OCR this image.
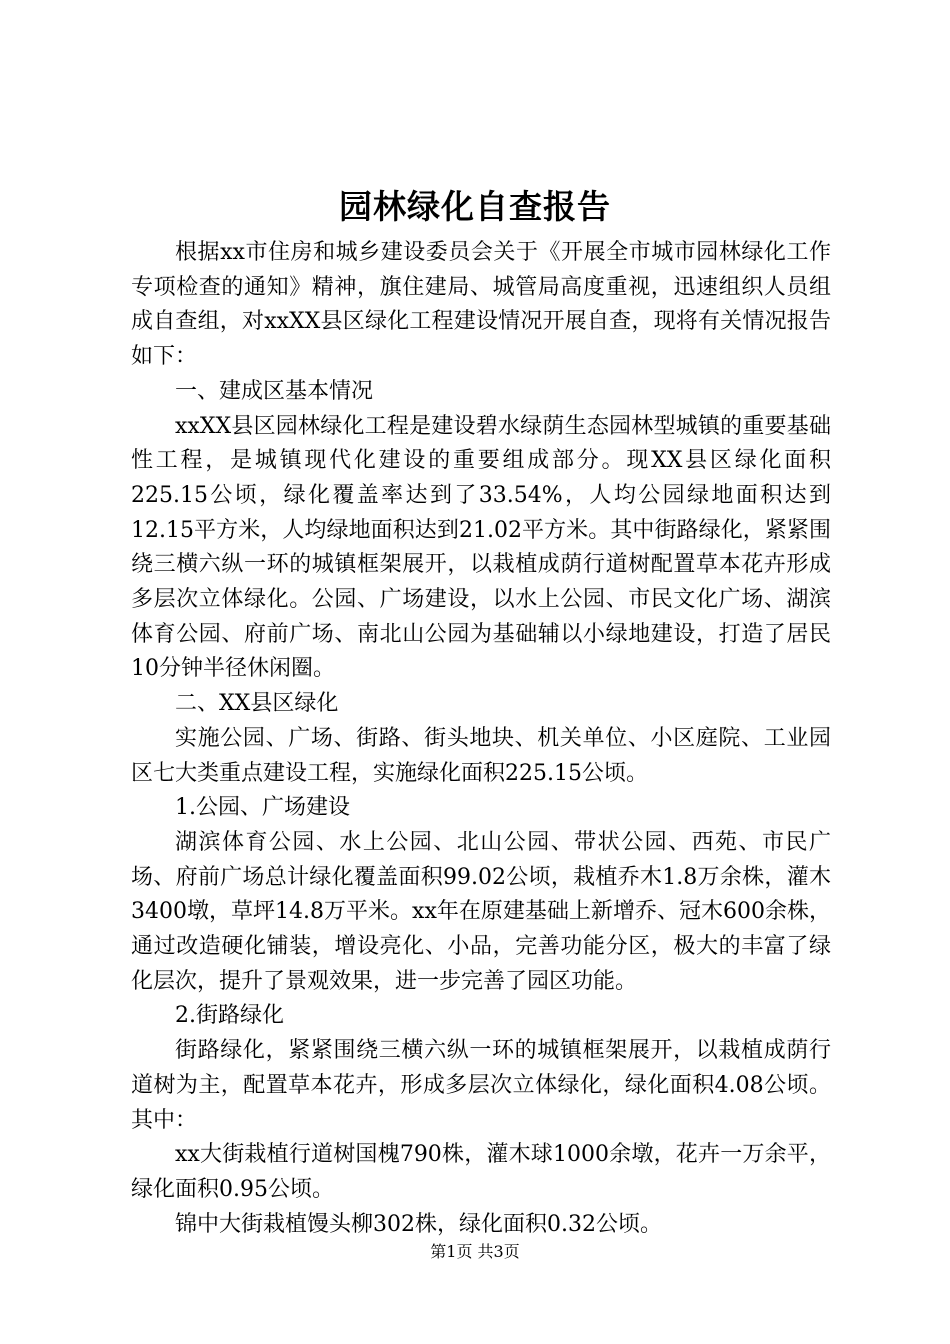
园林绿化自查报告

根据xx市住房和城乡建设委员会关于《开展全市城市园林绿化工作专项检查的通知》精神，旗住建局、城管局高度重视，迅速组织人员组成自查组，对xxXX县区绿化工程建设情况开展自查，现将有关情况报告如下：

一、建成区基本情况

xxXX县区园林绿化工程是建设碧水绿荫生态园林型城镇的重要基础性工程，是城镇现代化建设的重要组成部分。现XX县区绿化面积225.15公顷，绿化覆盖率达到了33.54%，人均公园绿地面积达到12.15平方米，人均绿地面积达到21.02平方米。其中街路绿化，紧紧围绕三横六纵一环的城镇框架展开，以栽植成荫行道树配置草本花卉形成多层次立体绿化。公园、广场建设，以水上公园、市民文化广场、湖滨体育公园、府前广场、南北山公园为基础辅以小绿地建设，打造了居民10分钟半径休闲圈。

二、XX县区绿化

实施公园、广场、街路、街头地块、机关单位、小区庭院、工业园区七大类重点建设工程，实施绿化面积225.15公顷。

1.公园、广场建设

湖滨体育公园、水上公园、北山公园、带状公园、西苑、市民广场、府前广场总计绿化覆盖面积99.02公顷，栽植乔木1.8万余株，灌木3400墩，草坪14.8万平米。xx年在原建基础上新增乔、冠木600余株，通过改造硬化铺装，增设亮化、小品，完善功能分区，极大的丰富了绿化层次，提升了景观效果，进一步完善了园区功能。

2.街路绿化

街路绿化，紧紧围绕三横六纵一环的城镇框架展开，以栽植成荫行道树为主，配置草本花卉，形成多层次立体绿化，绿化面积4.08公顷。其中：

xx大街栽植行道树国槐790株，灌木球1000余墩，花卉一万余平，绿化面积0.95公顷。

锦中大街栽植馒头柳302株，绿化面积0.32公顷。

第1页 共3页
